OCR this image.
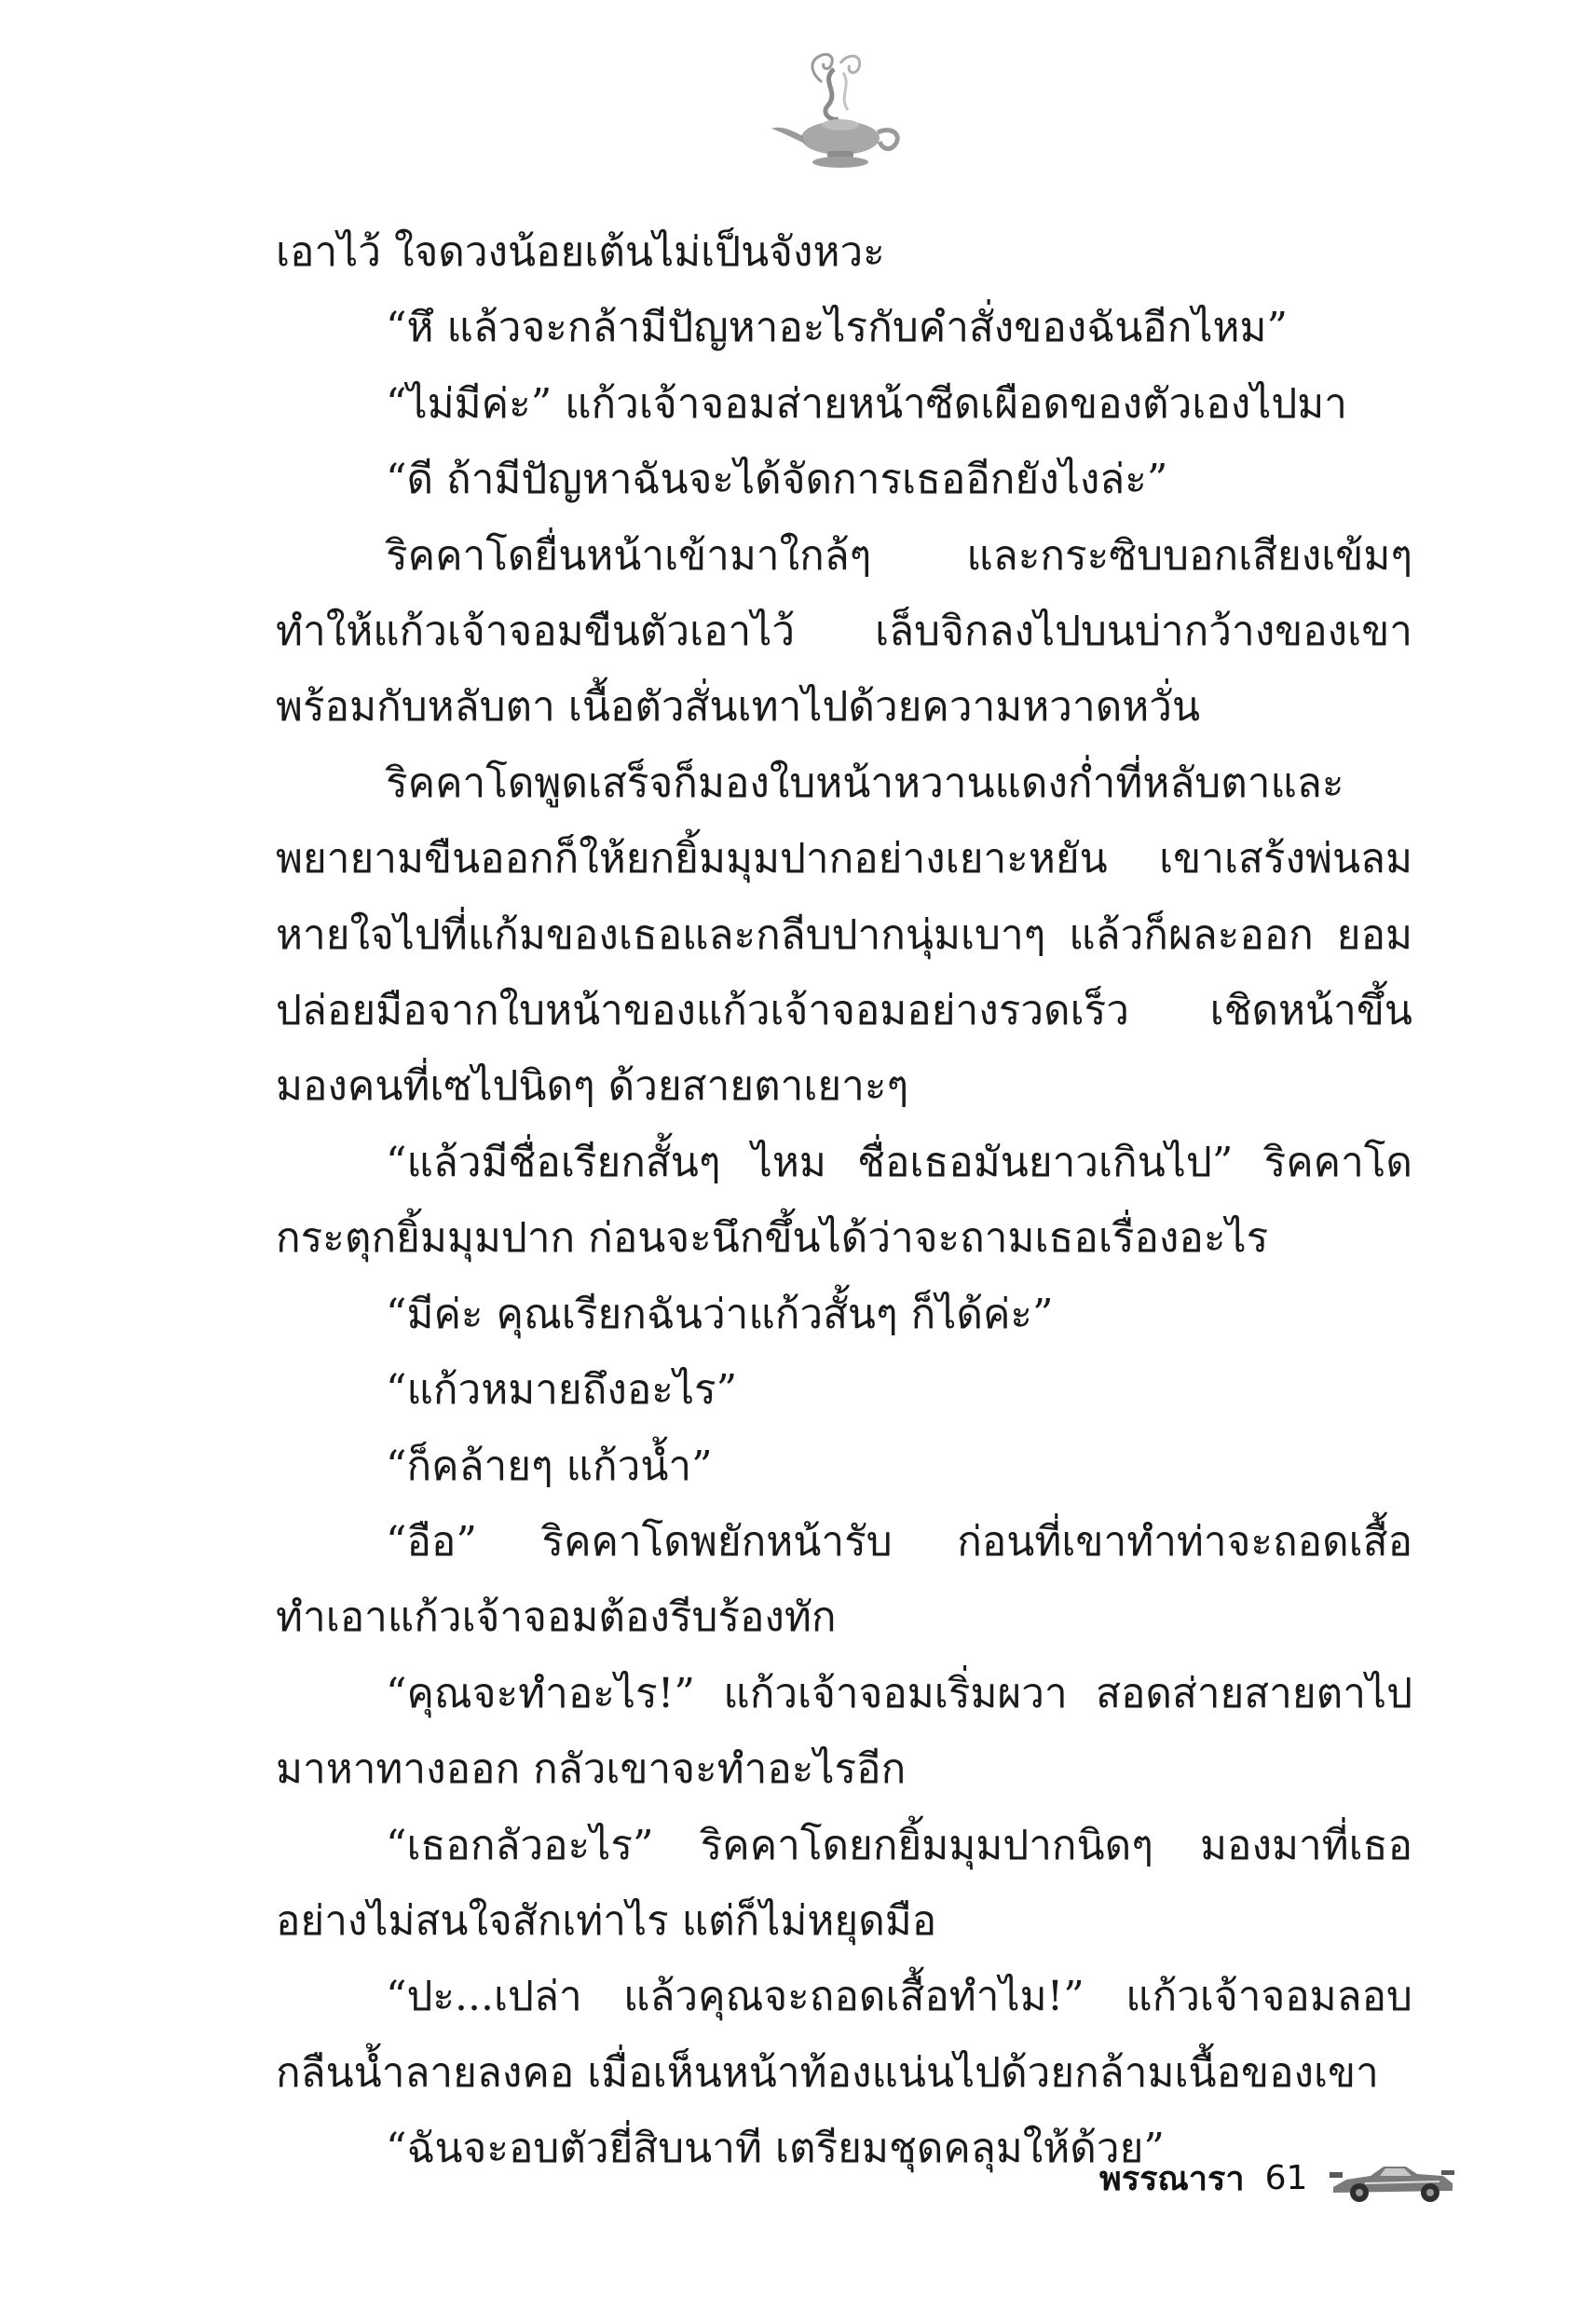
เอาไว้ ใจดวงน้อยเต้นไม่เป็นจังหวะ

“หึ แล้วจะกล้ามีปัญหาอะไรกับคำสั่งของฉันอีกไหม”

“ไม่มีค่ะ” แก้วเจ้าจอมส่ายหน้าซีดเผือดของตัวเองไปมา

“ดี ถ้ามีปัญหาฉันจะได้จัดการเธออีกยังไงล่ะ”

ริคคาโดยื่นหน้าเข้ามาใกล้ๆ และกระซิบบอกเสียงเข้มๆ ทำให้แก้วเจ้าจอมขืนตัวเอาไว้ เล็บจิกลงไปบนบ่ากว้างของเขา พร้อมกับหลับตา เนื้อตัวสั่นเทาไปด้วยความหวาดหวั่น

ริคคาโดพูดเสร็จก็มองใบหน้าหวานแดงก่ำที่หลับตาและพยายามขืนออกก็ให้ยกยิ้มมุมปากอย่างเยาะหยัน เขาเสร้งพ่นลมหายใจไปที่แก้มของเธอและกลีบปากนุ่มเบาๆ แล้วก็ผละออก ยอมปล่อยมือจากใบหน้าของแก้วเจ้าจอมอย่างรวดเร็ว เชิดหน้าขึ้น มองคนที่เซไปนิดๆ ด้วยสายตาเยาะๆ

“แล้วมีชื่อเรียกสั้นๆ ไหม ชื่อเธอมันยาวเกินไป” ริคคาโดกระตุกยิ้มมุมปาก ก่อนจะนึกขึ้นได้ว่าจะถามเธอเรื่องอะไร

“มีค่ะ คุณเรียกฉันว่าแก้วสั้นๆ ก็ได้ค่ะ”

“แก้วหมายถึงอะไร”

“ก็คล้ายๆ แก้วน้ำ”

“อือ” ริคคาโดพยักหน้ารับ ก่อนที่เขาทำท่าจะถอดเสื้อ ทำเอาแก้วเจ้าจอมต้องรีบร้องทัก

“คุณจะทำอะไร!” แก้วเจ้าจอมเริ่มผวา สอดส่ายสายตาไปมาหาทางออก กลัวเขาจะทำอะไรอีก

“เธอกลัวอะไร” ริคคาโดยกยิ้มมุมปากนิดๆ มองมาที่เธออย่างไม่สนใจสักเท่าไร แต่ก็ไม่หยุดมือ

“ปะ...เปล่า แล้วคุณจะถอดเสื้อทำไม!” แก้วเจ้าจอมลอบกลืนน้ำลายลงคอ เมื่อเห็นหน้าท้องแน่นไปด้วยกล้ามเนื้อของเขา

“ฉันจะอบตัวยี่สิบนาที เตรียมชุดคลุมให้ด้วย”

พรรณารา 61
